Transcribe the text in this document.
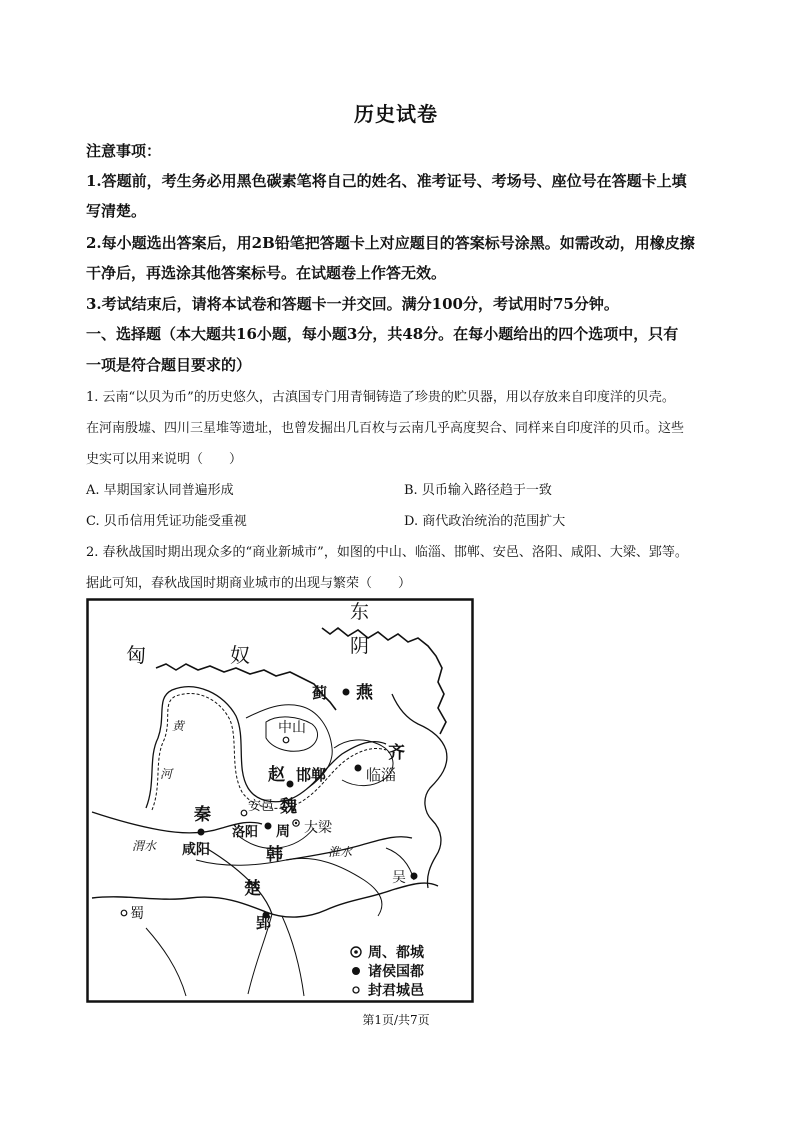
历史试卷
注意事项：
1.答题前，考生务必用黑色碳素笔将自己的姓名、准考证号、考场号、座位号在答题卡上填
写清楚。
2.每小题选出答案后，用2B铅笔把答题卡上对应题目的答案标号涂黑。如需改动，用橡皮擦
干净后，再选涂其他答案标号。在试题卷上作答无效。
3.考试结束后，请将本试卷和答题卡一并交回。满分100分，考试用时75分钟。
一、选择题（本大题共16小题，每小题3分，共48分。在每小题给出的四个选项中，只有
一项是符合题目要求的）
1. 云南“以贝为币”的历史悠久，古滇国专门用青铜铸造了珍贵的贮贝器，用以存放来自印度洋的贝壳。
在河南殷墟、四川三星堆等遗址，也曾发掘出几百枚与云南几乎高度契合、同样来自印度洋的贝币。这些
史实可以用来说明（　　）
A. 早期国家认同普遍形成	B. 贝币输入路径趋于一致
C. 贝币信用凭证功能受重视	D. 商代政治统治的范围扩大
2. 春秋战国时期出现众多的“商业新城市”，如图的中山、临淄、邯郸、安邑、洛阳、咸阳、大梁、郢等。
据此可知，春秋战国时期商业城市的出现与繁荣（　　）
东
阴
匈	奴
蓟 燕
中山
齐
临淄
赵 邯郸
黄
河
秦	安邑 魏
洛阳 周 大梁
渭水 咸阳	韩	淮水
吴
楚
蜀	郢
周、都城
诸侯国都
封君城邑
第1页/共7页
